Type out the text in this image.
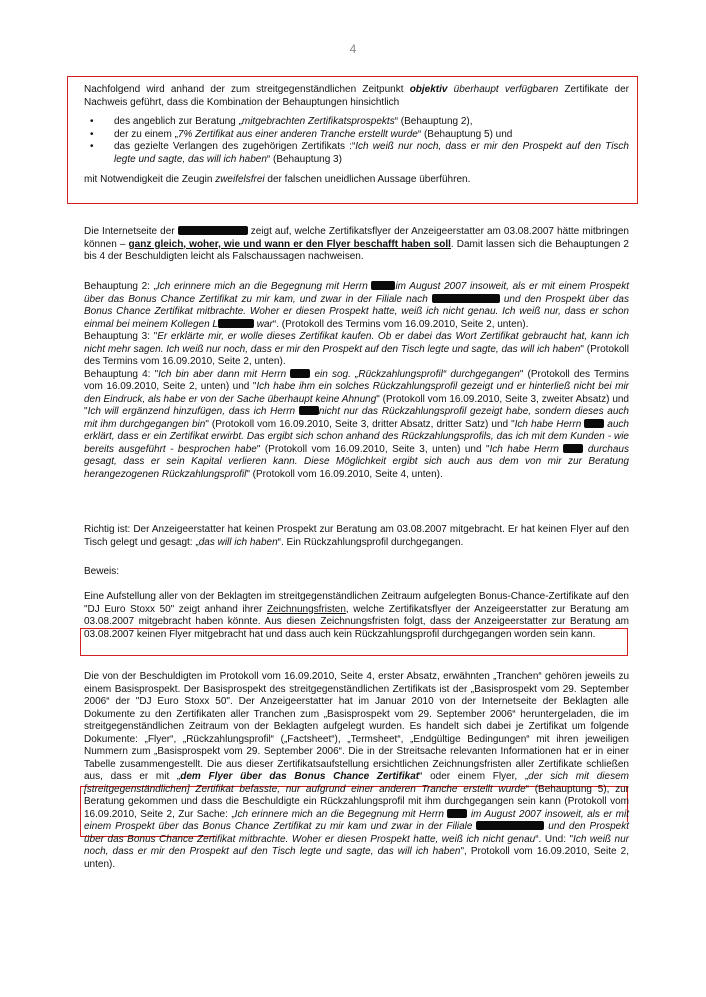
4

Nachfolgend wird anhand der zum streitgegenständlichen Zeitpunkt objektiv überhaupt verfügbaren Zertifikate der Nachweis geführt, dass die Kombination der Behauptungen hinsichtlich

• des angeblich zur Beratung „mitgebrachten Zertifikatsprospekts“ (Behauptung 2),
• der zu einem „7% Zertifikat aus einer anderen Tranche erstellt wurde“ (Behauptung 5) und
• das gezielte Verlangen des zugehörigen Zertifikats :“Ich weiß nur noch, dass er mir den Prospekt auf den Tisch legte und sagte, das will ich haben“ (Behauptung 3)

mit Notwendigkeit die Zeugin zweifelsfrei der falschen uneidlichen Aussage überführen.

Die Internetseite der	zeigt auf, welche Zertifikatsflyer der Anzeigeerstatter am 03.08.2007 hätte mitbringen können – ganz gleich, woher, wie und wann er den Flyer beschafft haben soll. Damit lassen sich die Behauptungen 2 bis 4 der Beschuldigten leicht als Falschaussagen nachweisen.

Behauptung 2: „Ich erinnere mich an die Begegnung mit Herrn im August 2007 insoweit, als er mit einem Prospekt über das Bonus Chance Zertifikat zu mir kam, und zwar in der Filiale nach	und den Prospekt über das Bonus Chance Zertifikat mitbrachte. Woher er diesen Prospekt hatte, weiß ich nicht genau. Ich weiß nur, dass er schon einmal bei meinem Kollegen L	war“. (Protokoll des Termins vom 16.09.2010, Seite 2, unten).

Behauptung 3: "Er erklärte mir, er wolle dieses Zertifikat kaufen. Ob er dabei das Wort Zertifikat gebraucht hat, kann ich nicht mehr sagen. Ich weiß nur noch, dass er mir den Prospekt auf den Tisch legte und sagte, das will ich haben" (Protokoll des Termins vom 16.09.2010, Seite 2, unten).

Behauptung 4: "Ich bin aber dann mit Herrn  ein sog. „Rückzahlungsprofil“ durchgegangen" (Protokoll des Termins vom 16.09.2010, Seite 2, unten) und "Ich habe ihm ein solches Rückzahlungsprofil gezeigt und er hinterließ nicht bei mir den Eindruck, als habe er von der Sache überhaupt keine Ahnung" (Protokoll vom 16.09.2010, Seite 3, zweiter Absatz) und "Ich will ergänzend hinzufügen, dass ich Herrn nicht nur das Rückzahlungsprofil gezeigt habe, sondern dieses auch mit ihm durchgegangen bin" (Protokoll vom 16.09.2010, Seite 3, dritter Absatz, dritter Satz) und "Ich habe Herrn  auch erklärt, dass er ein Zertifikat erwirbt. Das ergibt sich schon anhand des Rückzahlungsprofils, das ich mit dem Kunden - wie bereits ausgeführt - besprochen habe" (Protokoll vom 16.09.2010, Seite 3, unten) und "Ich habe Herrn  durchaus gesagt, dass er sein Kapital verlieren kann. Diese Möglichkeit ergibt sich auch aus dem von mir zur Beratung herangezogenen Rückzahlungsprofil" (Protokoll vom 16.09.2010, Seite 4, unten).

Richtig ist: Der Anzeigeerstatter hat keinen Prospekt zur Beratung am 03.08.2007 mitgebracht. Er hat keinen Flyer auf den Tisch gelegt und gesagt: „das will ich haben“. Ein Rückzahlungsprofil durchgegangen.

Beweis:

Eine Aufstellung aller von der Beklagten im streitgegenständlichen Zeitraum aufgelegten Bonus-Chance-Zertifikate auf den "DJ Euro Stoxx 50" zeigt anhand ihrer Zeichnungsfristen, welche Zertifikatsflyer der Anzeigeerstatter zur Beratung am 03.08.2007 mitgebracht haben könnte. Aus diesen Zeichnungsfristen folgt, dass der Anzeigeerstatter zur Beratung am 03.08.2007 keinen Flyer mitgebracht hat und dass auch kein Rückzahlungsprofil durchgegangen worden sein kann.

Die von der Beschuldigten im Protokoll vom 16.09.2010, Seite 4, erster Absatz, erwähnten „Tranchen“ gehören jeweils zu einem Basisprospekt. Der Basisprospekt des streitgegenständlichen Zertifikats ist der „Basisprospekt vom 29. September 2006“ der "DJ Euro Stoxx 50". Der Anzeigeerstatter hat im Januar 2010 von der Internetseite der Beklagten alle Dokumente zu den Zertifikaten aller Tranchen zum „Basisprospekt vom 29. September 2006“ heruntergeladen, die im streitgegenständlichen Zeitraum von der Beklagten aufgelegt wurden. Es handelt sich dabei je Zertifikat um folgende Dokumente: „Flyer“, „Rückzahlungsprofil“ („Factsheet“), „Termsheet“, „Endgültige Bedingungen“ mit ihren jeweiligen Nummern zum „Basisprospekt vom 29. September 2006“. Die in der Streitsache relevanten Informationen hat er in einer Tabelle zusammengestellt. Die aus dieser Zertifikatsaufstellung ersichtlichen Zeichnungsfristen aller Zertifikate schließen aus, dass er mit „dem Flyer über das Bonus Chance Zertifikat“ oder einem Flyer, „der sich mit diesem [streitgegenständlichen] Zertifikat befasste, nur aufgrund einer anderen Tranche erstellt wurde“ (Behauptung 5), zur Beratung gekommen und dass die Beschuldigte ein Rückzahlungsprofil mit ihm durchgegangen sein kann (Protokoll vom 16.09.2010, Seite 2, Zur Sache: „Ich erinnere mich an die Begegnung mit Herrn  im August 2007 insoweit, als er mit einem Prospekt über das Bonus Chance Zertifikat zu mir kam und zwar in der Filiale	und den Prospekt über das Bonus Chance Zertifikat mitbrachte. Woher er diesen Prospekt hatte, weiß ich nicht genau“. Und: "Ich weiß nur noch, dass er mir den Prospekt auf den Tisch legte und sagte, das will ich haben", Protokoll vom 16.09.2010, Seite 2, unten).
